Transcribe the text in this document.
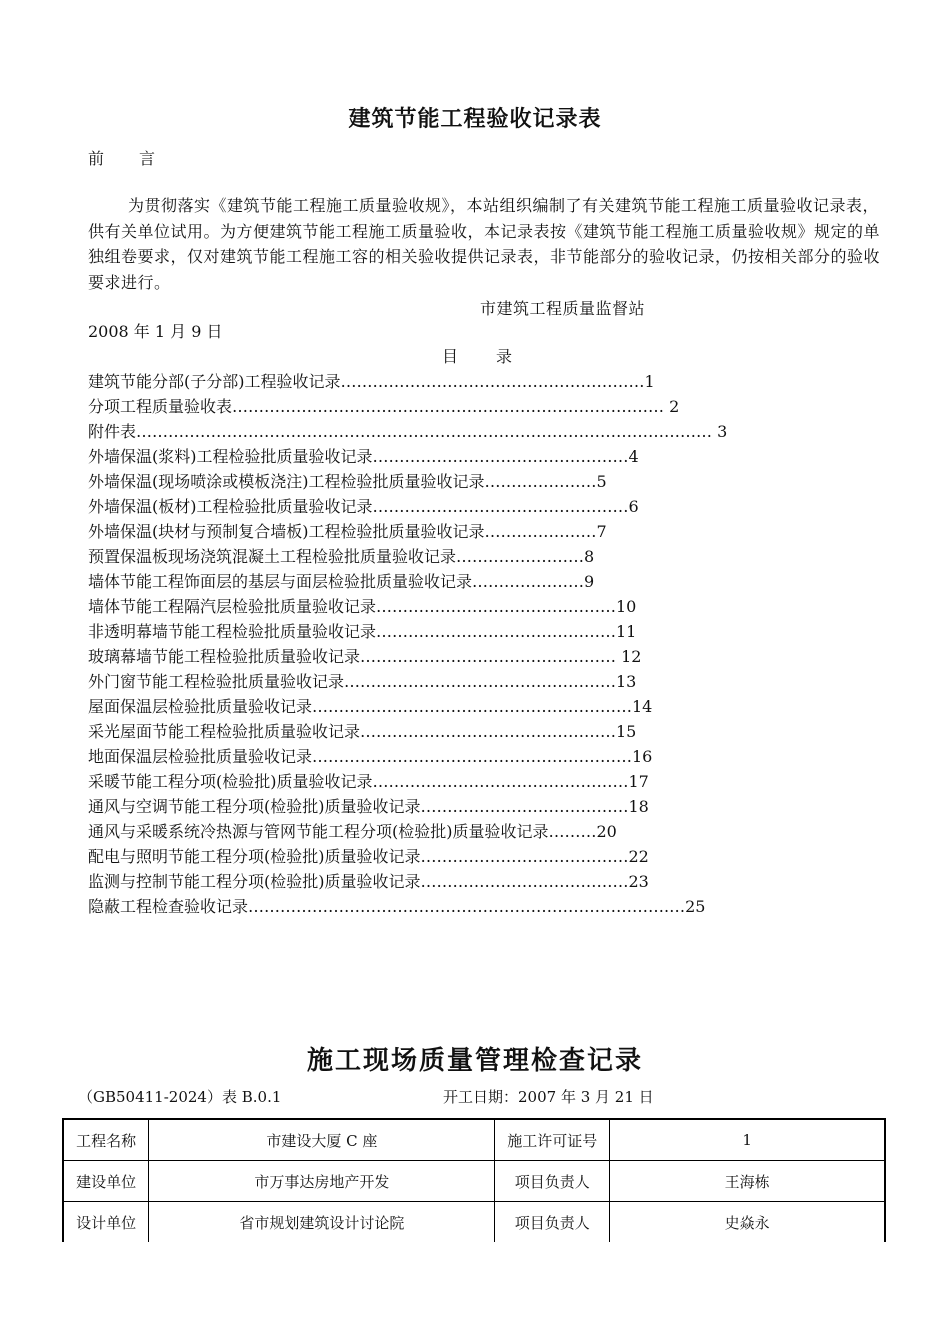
建筑节能工程验收记录表
前　　言
为贯彻落实《建筑节能工程施工质量验收规》，本站组织编制了有关建筑节能工程施工质量验收记录表，供有关单位试用。为方便建筑节能工程施工质量验收，本记录表按《建筑节能工程施工质量验收规》规定的单独组卷要求，仅对建筑节能工程施工容的相关验收提供记录表，非节能部分的验收记录，仍按相关部分的验收要求进行。
市建筑工程质量监督站
2008 年 1 月 9 日
目　　录
建筑节能分部(子分部)工程验收记录…………………………………………………1
分项工程质量验收表……………………………………………………………………… 2
附件表……………………………………………………………………………………………… 3
外墙保温(浆料)工程检验批质量验收记录…………………………………………4
外墙保温(现场喷涂或模板浇注)工程检验批质量验收记录…………………5
外墙保温(板材)工程检验批质量验收记录…………………………………………6
外墙保温(块材与预制复合墙板)工程检验批质量验收记录…………………7
预置保温板现场浇筑混凝土工程检验批质量验收记录……………………8
墙体节能工程饰面层的基层与面层检验批质量验收记录…………………9
墙体节能工程隔汽层检验批质量验收记录………………………………………10
非透明幕墙节能工程检验批质量验收记录………………………………………11
玻璃幕墙节能工程检验批质量验收记录………………………………………… 12
外门窗节能工程检验批质量验收记录……………………………………………13
屋面保温层检验批质量验收记录……………………………………………………14
采光屋面节能工程检验批质量验收记录…………………………………………15
地面保温层检验批质量验收记录……………………………………………………16
采暖节能工程分项(检验批)质量验收记录…………………………………………17
通风与空调节能工程分项(检验批)质量验收记录…………………………………18
通风与采暖系统冷热源与管网节能工程分项(检验批)质量验收记录………20
配电与照明节能工程分项(检验批)质量验收记录…………………………………22
监测与控制节能工程分项(检验批)质量验收记录…………………………………23
隐蔽工程检查验收记录…………………………………………………………………….…25
施工现场质量管理检查记录
（GB50411-2024）表 B.0.1	开工日期：2007 年 3 月 21 日
工程名称	市建设大厦 C 座	施工许可证号	1
建设单位	市万事达房地产开发	项目负责人	王海栋
设计单位	省市规划建筑设计讨论院	项目负责人	史焱永
